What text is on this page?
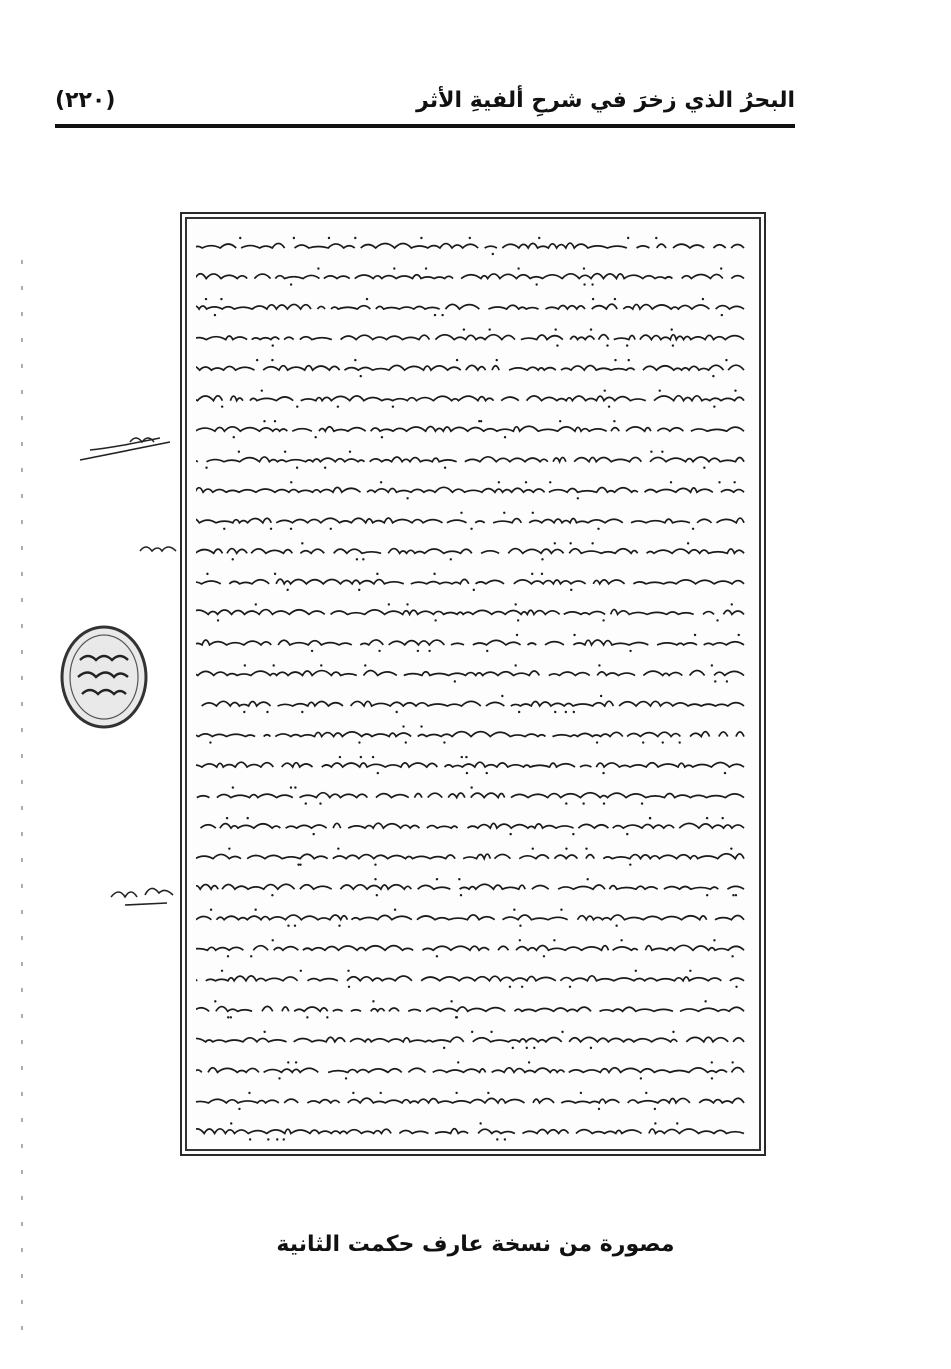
البحرُ الذي زخرَ في شرحِ ألفيةِ الأثر
(٢٢٠)
مصورة من نسخة عارف حكمت الثانية
